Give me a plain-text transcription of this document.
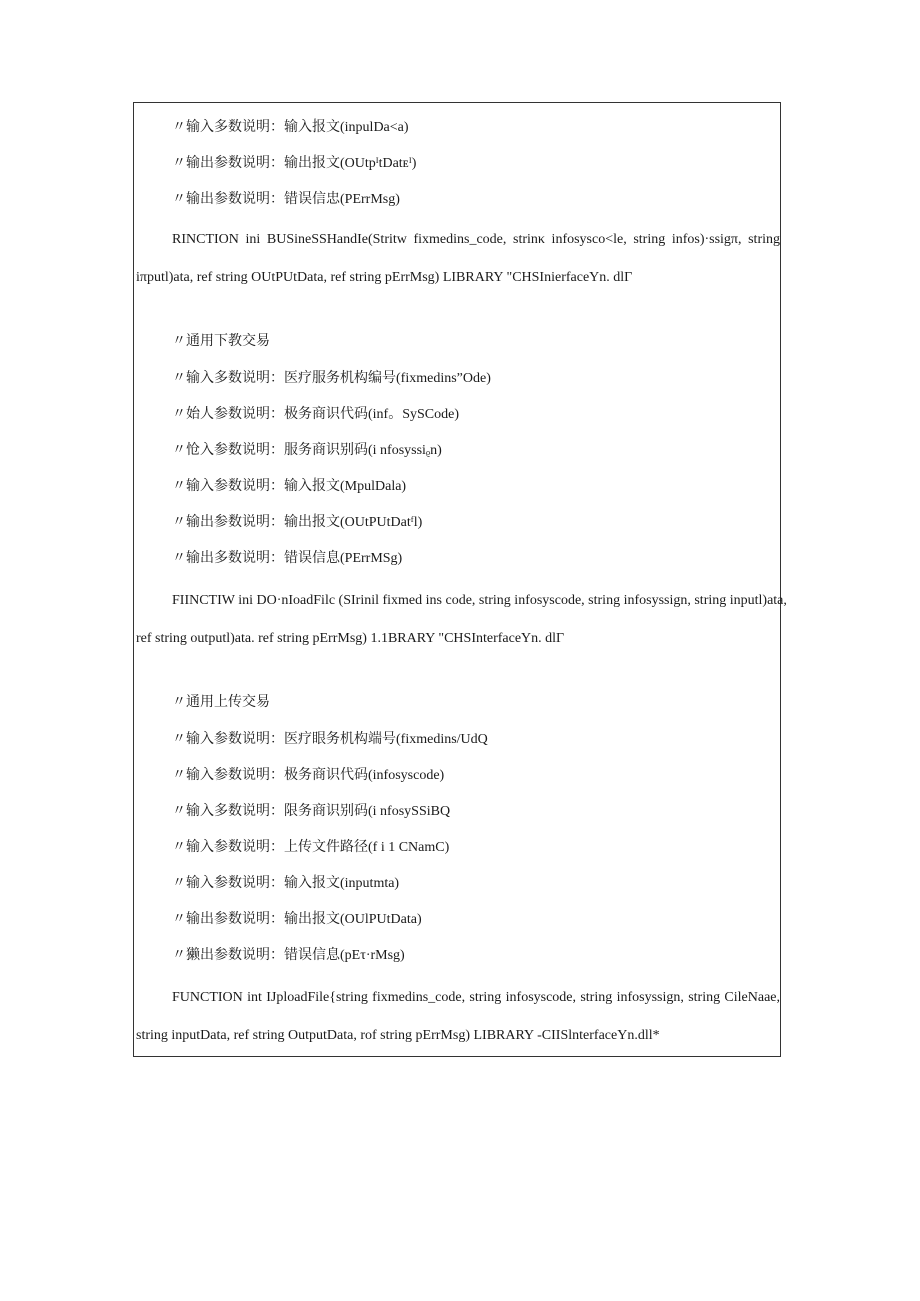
〃输入多数说明：输入报文(inpulDa<a)
〃输出参数说明：输出报文(OUtpᴵtDatᴇᴵ)
〃输出参数说明：错误信忠(PErrMsg)
RINCTION ini BUSineSSHandIe(Stritw fixmedins_code, strinκ infosysco<le, string infos)·ssigπ, string
iπputl)ata, ref string OUtPUtData, ref string pErrMsg) LIBRARY "CHSInierfaceYn. dlΓ
〃通用下教交易
〃输入多数说明：医疗服务机构编号(fixmedins”Ode)
〃始人参数说明：极务商识代码(inf。SySCode)
〃怆入参数说明：服务商识别码(i nfosyssiᵨn)
〃输入参数说明：输入报文(MpulDala)
〃输出参数说明：输出报文(OUtPUtDatᶠl)
〃输出多数说明：错误信息(PErrMSg)
FIINCTIW ini DO·nIoadFilc (SIrinil fixmed ins code, string infosyscode, string infosyssign, string inputl)ata,
ref string outputl)ata. ref string pErrMsg) 1.1BRARY "CHSInterfaceYn. dlΓ
〃通用上传交易
〃输入参数说明：医疗眼务机构端号(fixmedins/UdQ
〃输入参数说明：极务商识代码(infosyscode)
〃输入多数说明：限务商识别码(i nfosySSiBQ
〃输入参数说明：上传文件路径(f i 1 CNamC)
〃输入参数说明：输入报文(inputmta)
〃输出参数说明：输出报文(OUlPUtData)
〃獭出参数说明：错误信息(pEτ·rMsg)
FUNCTION int IJploadFile{string fixmedins_code, string infosyscode, string infosyssign, string CileNaae,
string inputData, ref string OutputData, rof string pErrMsg) LIBRARY -CIISlnterfaceYn.dll*
